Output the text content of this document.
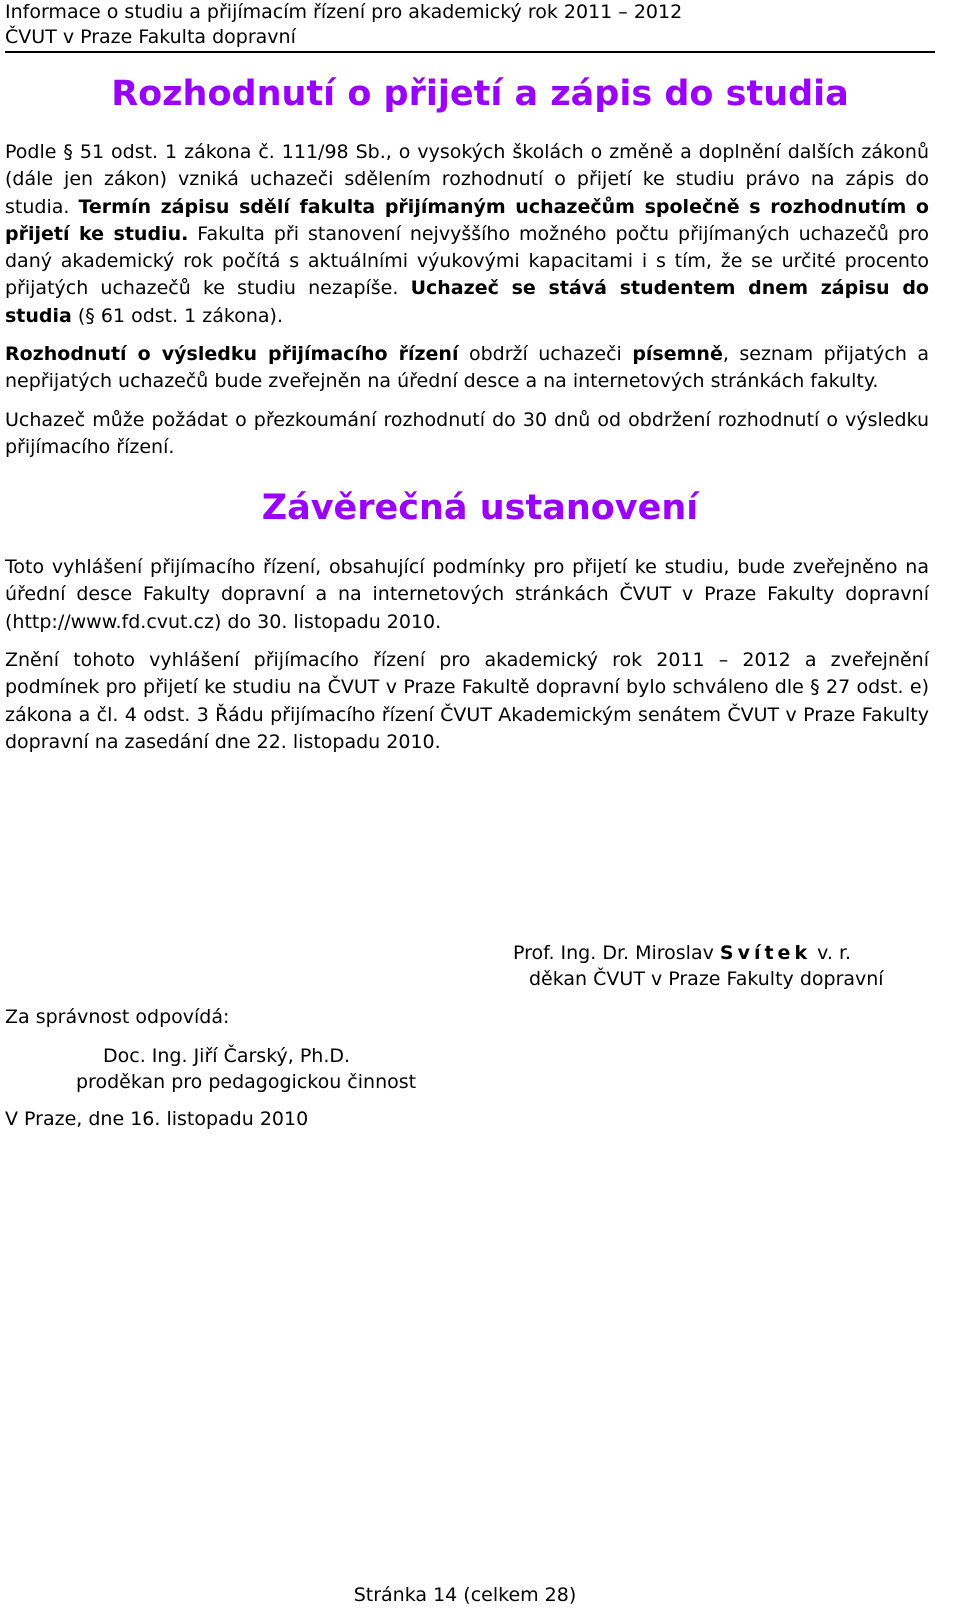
Informace o studiu a přijímacím řízení pro akademický rok 2011 – 2012
ČVUT v Praze Fakulta dopravní
Rozhodnutí o přijetí a zápis do studia
Podle § 51 odst. 1 zákona č. 111/98 Sb., o vysokých školách o změně a doplnění dalších zákonů (dále jen zákon) vzniká uchazeči sdělením rozhodnutí o přijetí ke studiu právo na zápis do studia. Termín zápisu sdělí fakulta přijímaným uchazečům společně s rozhodnutím o přijetí ke studiu. Fakulta při stanovení nejvyššího možného počtu přijímaných uchazečů pro daný akademický rok počítá s aktuálními výukovými kapacitami i s tím, že se určité procento přijatých uchazečů ke studiu nezapíše. Uchazeč se stává studentem dnem zápisu do studia (§ 61 odst. 1 zákona).
Rozhodnutí o výsledku přijímacího řízení obdrží uchazeči písemně, seznam přijatých a nepřijatých uchazečů bude zveřejněn na úřední desce a na internetových stránkách fakulty.
Uchazeč může požádat o přezkoumání rozhodnutí do 30 dnů od obdržení rozhodnutí o výsledku přijímacího řízení.
Závěrečná ustanovení
Toto vyhlášení přijímacího řízení, obsahující podmínky pro přijetí ke studiu, bude zveřejněno na úřední desce Fakulty dopravní a na internetových stránkách ČVUT v Praze Fakulty dopravní (http://www.fd.cvut.cz) do 30. listopadu 2010.
Znění tohoto vyhlášení přijímacího řízení pro akademický rok 2011 – 2012 a zveřejnění podmínek pro přijetí ke studiu na ČVUT v Praze Fakultě dopravní bylo schváleno dle § 27 odst. e) zákona a čl. 4 odst. 3 Řádu přijímacího řízení ČVUT Akademickým senátem ČVUT v Praze Fakulty dopravní na zasedání dne 22. listopadu 2010.
Prof. Ing. Dr. Miroslav Svítek v. r.
děkan ČVUT v Praze Fakulty dopravní
Za správnost odpovídá:
Doc. Ing. Jiří Čarský, Ph.D.
proděkan pro pedagogickou činnost
V Praze, dne 16. listopadu 2010
Stránka 14 (celkem 28)
